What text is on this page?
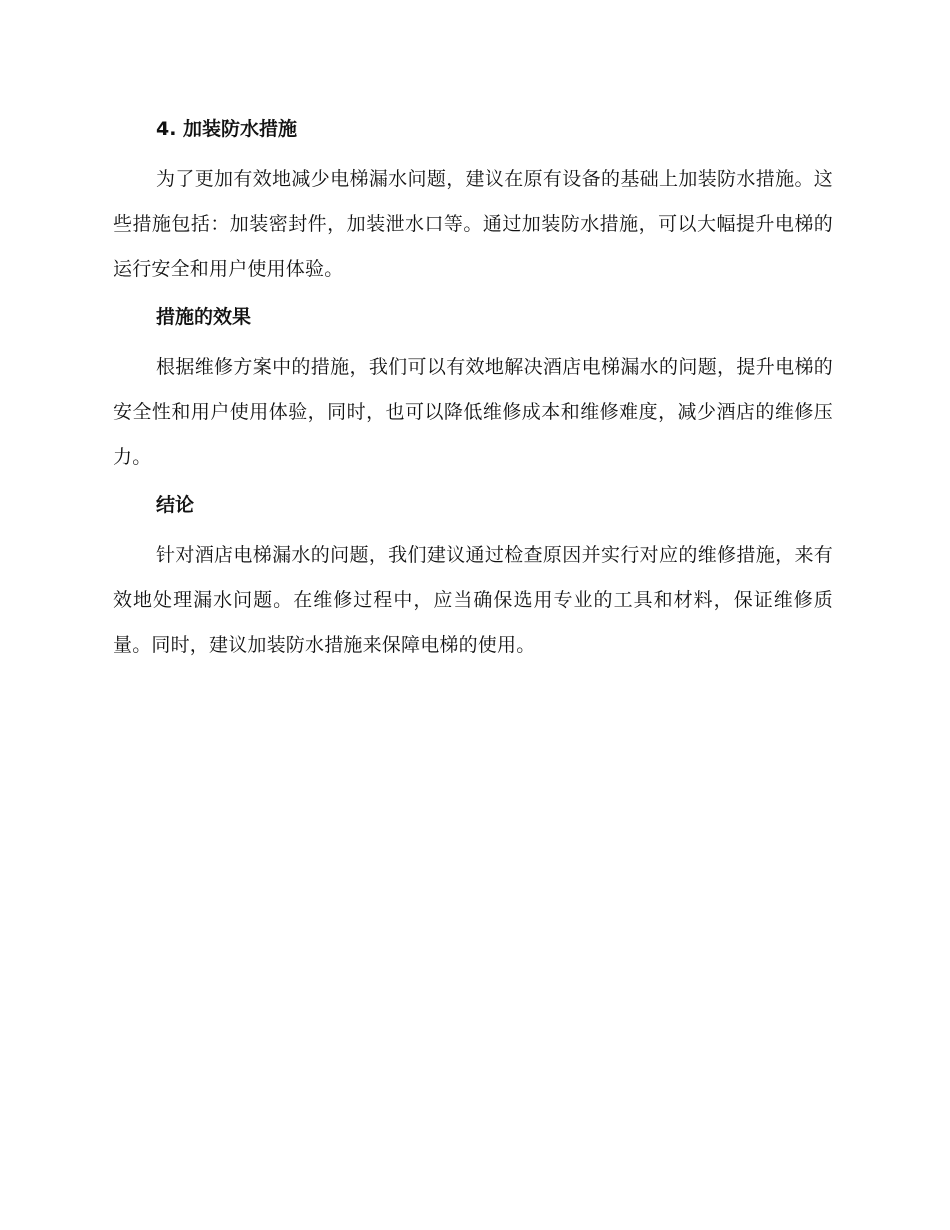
4. 加装防水措施

为了更加有效地减少电梯漏水问题，建议在原有设备的基础上加装防水措施。这些措施包括：加装密封件，加装泄水口等。通过加装防水措施，可以大幅提升电梯的运行安全和用户使用体验。

措施的效果

根据维修方案中的措施，我们可以有效地解决酒店电梯漏水的问题，提升电梯的安全性和用户使用体验，同时，也可以降低维修成本和维修难度，减少酒店的维修压力。

结论

针对酒店电梯漏水的问题，我们建议通过检查原因并实行对应的维修措施，来有效地处理漏水问题。在维修过程中，应当确保选用专业的工具和材料，保证维修质量。同时，建议加装防水措施来保障电梯的使用。
